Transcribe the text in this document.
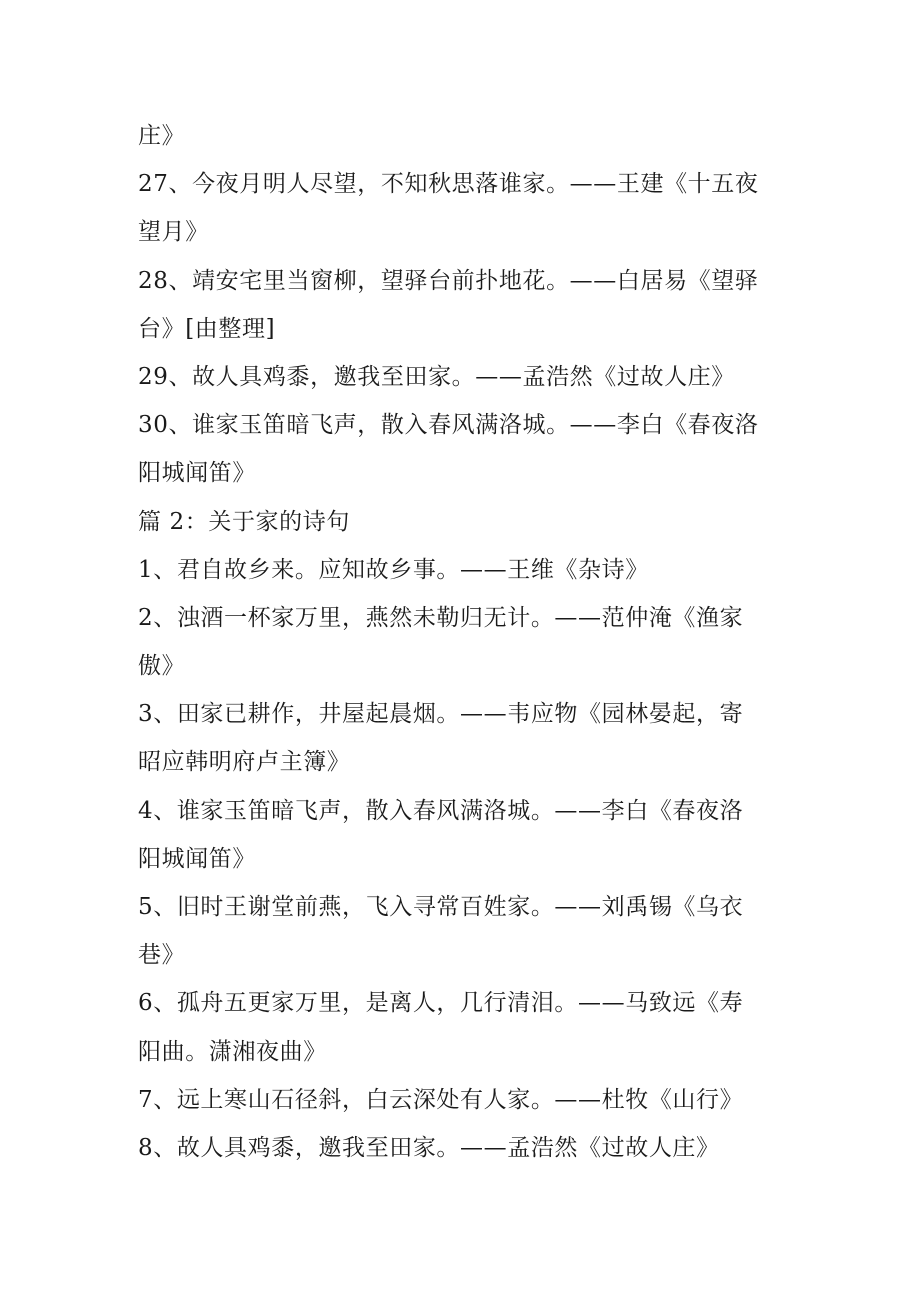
庄》
27、今夜月明人尽望，不知秋思落谁家。——王建《十五夜
望月》
28、靖安宅里当窗柳，望驿台前扑地花。——白居易《望驿
台》[由整理]
29、故人具鸡黍，邀我至田家。——孟浩然《过故人庄》
30、谁家玉笛暗飞声，散入春风满洛城。——李白《春夜洛
阳城闻笛》
篇 2：关于家的诗句
1、君自故乡来。应知故乡事。——王维《杂诗》
2、浊酒一杯家万里，燕然未勒归无计。——范仲淹《渔家
傲》
3、田家已耕作，井屋起晨烟。——韦应物《园林晏起，寄
昭应韩明府卢主簿》
4、谁家玉笛暗飞声，散入春风满洛城。——李白《春夜洛
阳城闻笛》
5、旧时王谢堂前燕，飞入寻常百姓家。——刘禹锡《乌衣
巷》
6、孤舟五更家万里，是离人，几行清泪。——马致远《寿
阳曲。潇湘夜曲》
7、远上寒山石径斜，白云深处有人家。——杜牧《山行》
8、故人具鸡黍，邀我至田家。——孟浩然《过故人庄》
